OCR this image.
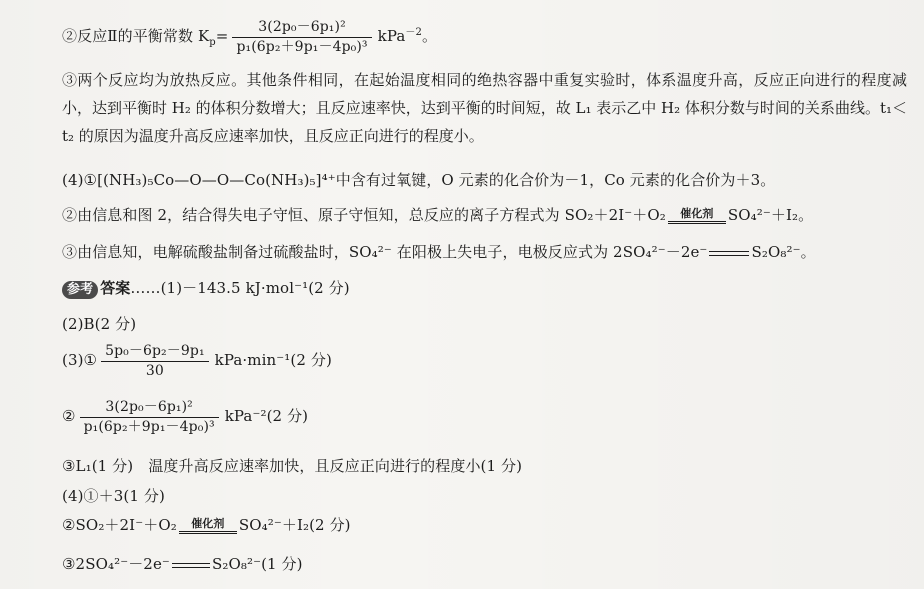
②反应Ⅱ的平衡常数 $K_p= \frac{\text{3(2p₀－6p₁)²}}{\text{p₁(6p₂＋9p₁－4p₀)³}} kPa^{-2}$。
③两个反应均为放热反应。其他条件相同，在起始温度相同的绝热容器中重复实验时，体系温度升高，反应正向进行的程度减小，达到平衡时 H₂ 的体积分数增大；且反应速率快，达到平衡的时间短，故 L₁ 表示乙中 H₂ 体积分数与时间的关系曲线。t₁＜t₂ 的原因为温度升高反应速率加快，且反应正向进行的程度小。
(4)①[(NH₃)₅Co—O—O—Co(NH₃)₅]⁴⁺中含有过氧键，O 元素的化合价为－1，Co 元素的化合价为＋3。
②由信息和图 2，结合得失电子守恒、原子守恒知，总反应的离子方程式为 SO₂＋2I⁻＋O₂	催化剂 SO₄²⁻＋I₂。
③由信息知，电解硫酸盐制备过硫酸盐时，SO₄²⁻ 在阳极上失电子，电极反应式为 2SO₄²⁻－2e⁻	S₂O₈²⁻。
参考 答案……(1)－143.5 kJ·mol⁻¹(2 分)
(2)B(2 分)
(3)① $\frac{\text{5p₀－6p₂－9p₁}}{30} kPa\cdot\min^{-1}(2$ 分)
② $\frac{\text{3(2p₀－6p₁)²}}{\text{p₁(6p₂＋9p₁－4p₀)³}} kPa^{-2}(2$ 分)
③L₁(1 分)　温度升高反应速率加快，且反应正向进行的程度小(1 分)
(4)①＋3(1 分)
②SO₂＋2I⁻＋O₂	催化剂 SO₄²⁻＋I₂(2 分)
③2SO₄²⁻－2e⁻	S₂O₈²⁻(1 分)
